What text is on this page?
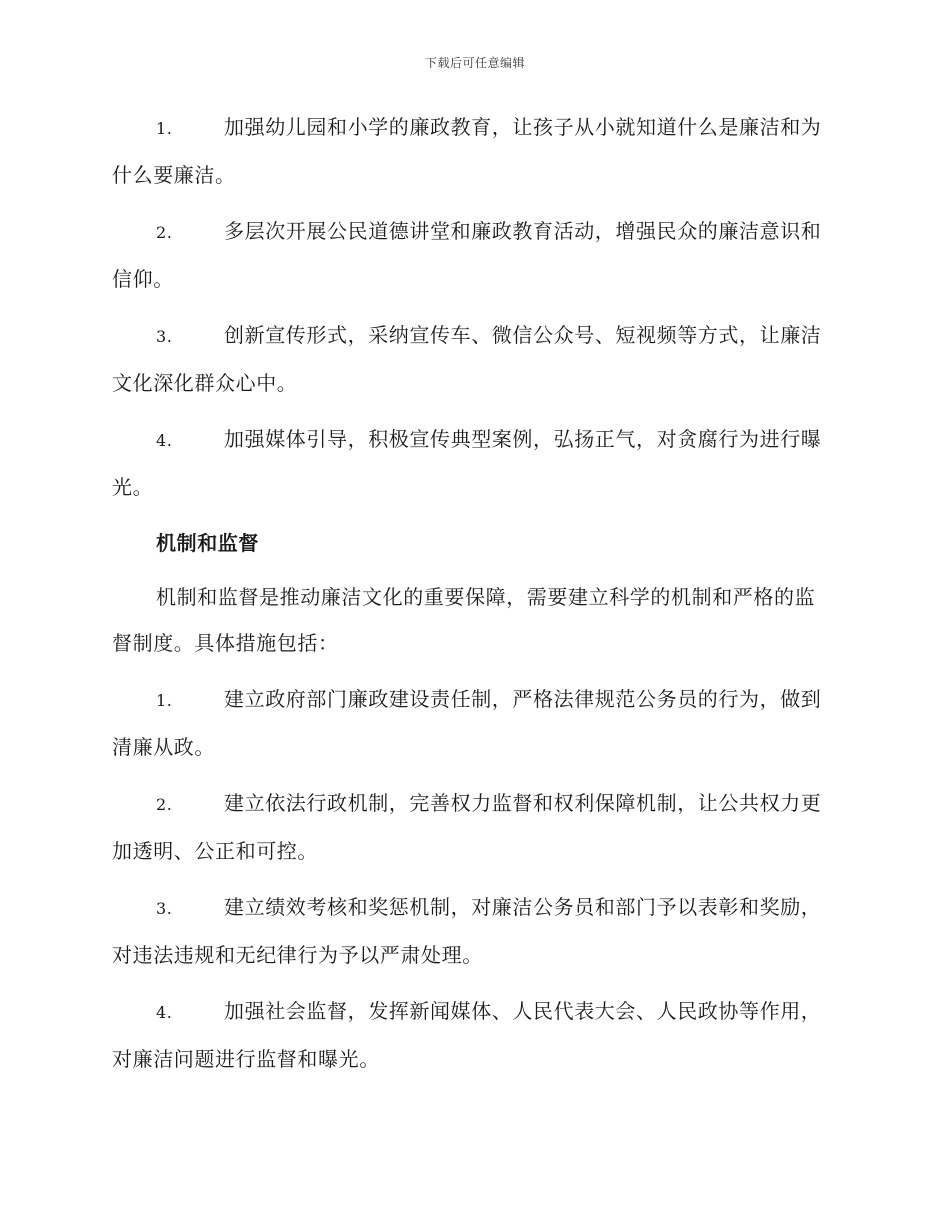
下载后可任意编辑

1.	加强幼儿园和小学的廉政教育，让孩子从小就知道什么是廉洁和为什么要廉洁。

2.	多层次开展公民道德讲堂和廉政教育活动，增强民众的廉洁意识和信仰。

3.	创新宣传形式，采纳宣传车、微信公众号、短视频等方式，让廉洁文化深化群众心中。

4.	加强媒体引导，积极宣传典型案例，弘扬正气，对贪腐行为进行曝光。

机制和监督

机制和监督是推动廉洁文化的重要保障，需要建立科学的机制和严格的监督制度。具体措施包括：

1.	建立政府部门廉政建设责任制，严格法律规范公务员的行为，做到清廉从政。

2.	建立依法行政机制，完善权力监督和权利保障机制，让公共权力更加透明、公正和可控。

3.	建立绩效考核和奖惩机制，对廉洁公务员和部门予以表彰和奖励，对违法违规和无纪律行为予以严肃处理。

4.	加强社会监督，发挥新闻媒体、人民代表大会、人民政协等作用，对廉洁问题进行监督和曝光。
